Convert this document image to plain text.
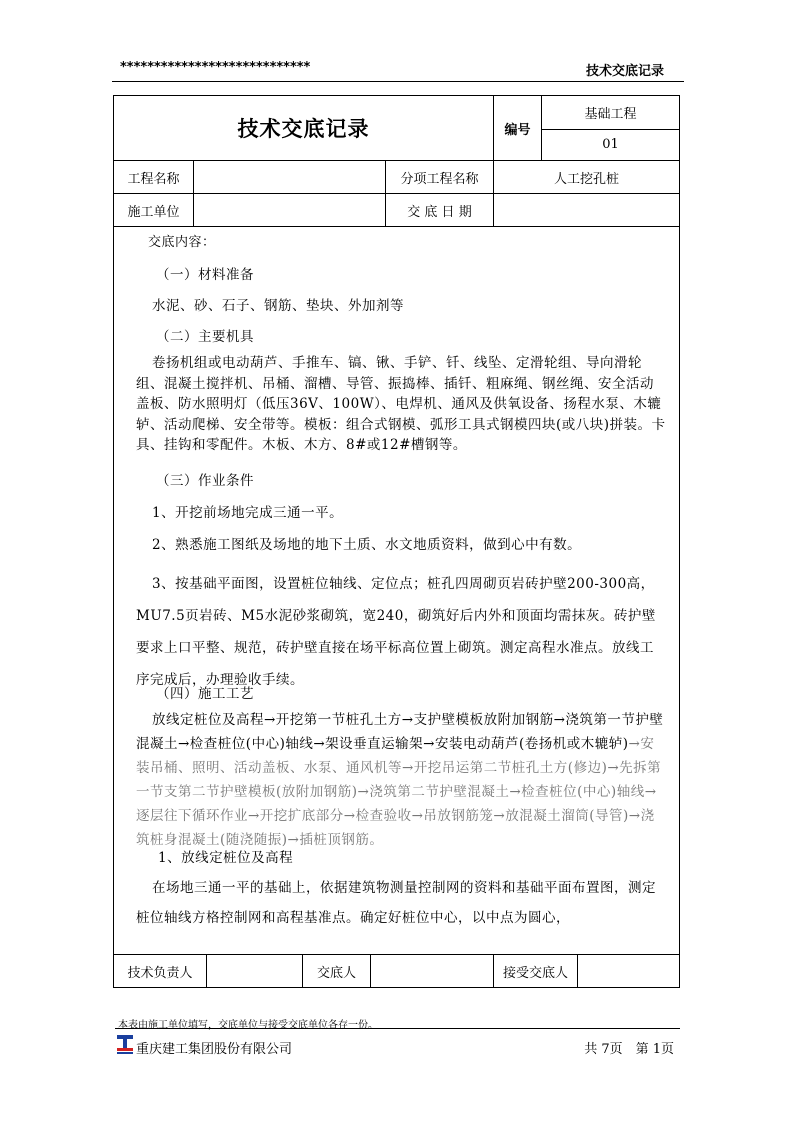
****************************	技术交底记录
技术交底记录	编号
基础工程
01
工程名称	分项工程名称	人工挖孔桩
施工单位	交 底 日 期
交底内容：
（一）材料准备
水泥、砂、石子、钢筋、垫块、外加剂等
（二）主要机具
卷扬机组或电动葫芦、手推车、镐、锹、手铲、钎、线坠、定滑轮组、导向滑轮组、混凝土搅拌机、吊桶、溜槽、导管、振捣棒、插钎、粗麻绳、钢丝绳、安全活动盖板、防水照明灯（低压36V、100W）、电焊机、通风及供氧设备、扬程水泵、木辘轳、活动爬梯、安全带等。模板：组合式钢模、弧形工具式钢模四块(或八块)拼装。卡具、挂钩和零配件。木板、木方、8#或12#槽钢等。
（三）作业条件
1、开挖前场地完成三通一平。
2、熟悉施工图纸及场地的地下土质、水文地质资料，做到心中有数。
3、按基础平面图，设置桩位轴线、定位点；桩孔四周砌页岩砖护壁200-300高，MU7.5页岩砖、M5水泥砂浆砌筑，宽240，砌筑好后内外和顶面均需抹灰。砖护壁要求上口平整、规范，砖护壁直接在场平标高位置上砌筑。测定高程水准点。放线工序完成后，办理验收手续。
（四）施工工艺
放线定桩位及高程→开挖第一节桩孔土方→支护壁模板放附加钢筋→浇筑第一节护壁混凝土→检查桩位(中心)轴线→架设垂直运输架→安装电动葫芦(卷扬机或木辘轳)→安装吊桶、照明、活动盖板、水泵、通风机等→开挖吊运第二节桩孔土方(修边)→先拆第一节支第二节护壁模板(放附加钢筋)→浇筑第二节护壁混凝土→检查桩位(中心)轴线→逐层往下循环作业→开挖扩底部分→检查验收→吊放钢筋笼→放混凝土溜筒(导管)→浇筑桩身混凝土(随浇随振)→插桩顶钢筋。
1、放线定桩位及高程
在场地三通一平的基础上，依据建筑物测量控制网的资料和基础平面布置图，测定桩位轴线方格控制网和高程基准点。确定好桩位中心，以中点为圆心，
技术负责人	交底人	接受交底人
本表由施工单位填写，交底单位与接受交底单位各存一份。
重庆建工集团股份有限公司	共 7页　第 1页
